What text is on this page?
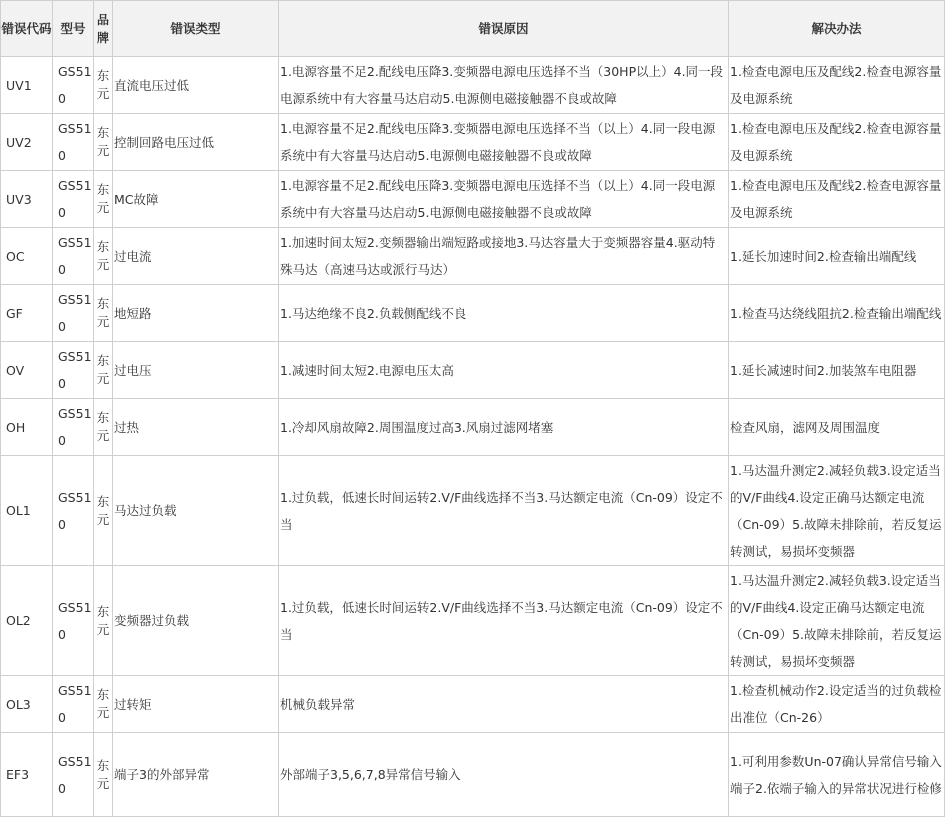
错误代码	型号	品牌	错误类型	错误原因	解决办法
UV1	GS510	东元	直流电压过低	1.电源容量不足2.配线电压降3.变频器电源电压选择不当（30HP以上）4.同一段电源系统中有大容量马达启动5.电源侧电磁接触器不良或故障	1.检查电源电压及配线2.检查电源容量及电源系统
UV2	GS510	东元	控制回路电压过低	1.电源容量不足2.配线电压降3.变频器电源电压选择不当（以上）4.同一段电源系统中有大容量马达启动5.电源侧电磁接触器不良或故障	1.检查电源电压及配线2.检查电源容量及电源系统
UV3	GS510	东元	MC故障	1.电源容量不足2.配线电压降3.变频器电源电压选择不当（以上）4.同一段电源系统中有大容量马达启动5.电源侧电磁接触器不良或故障	1.检查电源电压及配线2.检查电源容量及电源系统
OC	GS510	东元	过电流	1.加速时间太短2.变频器输出端短路或接地3.马达容量大于变频器容量4.驱动特殊马达（高速马达或派行马达）	1.延长加速时间2.检查输出端配线
GF	GS510	东元	地短路	1.马达绝缘不良2.负载侧配线不良	1.检查马达绕线阻抗2.检查输出端配线
OV	GS510	东元	过电压	1.减速时间太短2.电源电压太高	1.延长减速时间2.加装煞车电阻器
OH	GS510	东元	过热	1.冷却风扇故障2.周围温度过高3.风扇过滤网堵塞	检查风扇，滤网及周围温度
OL1	GS510	东元	马达过负载	1.过负载，低速长时间运转2.V/F曲线选择不当3.马达额定电流（Cn-09）设定不当	1.马达温升测定2.减轻负载3.设定适当的V/F曲线4.设定正确马达额定电流（Cn-09）5.故障未排除前，若反复运转测试，易损坏变频器
OL2	GS510	东元	变频器过负载	1.过负载，低速长时间运转2.V/F曲线选择不当3.马达额定电流（Cn-09）设定不当	1.马达温升测定2.减轻负载3.设定适当的V/F曲线4.设定正确马达额定电流（Cn-09）5.故障未排除前，若反复运转测试，易损坏变频器
OL3	GS510	东元	过转矩	机械负载异常	1.检查机械动作2.设定适当的过负载检出准位（Cn-26）
EF3	GS510	东元	端子3的外部异常	外部端子3,5,6,7,8异常信号输入	1.可利用参数Un-07确认异常信号输入端子2.依端子输入的异常状况进行检修
